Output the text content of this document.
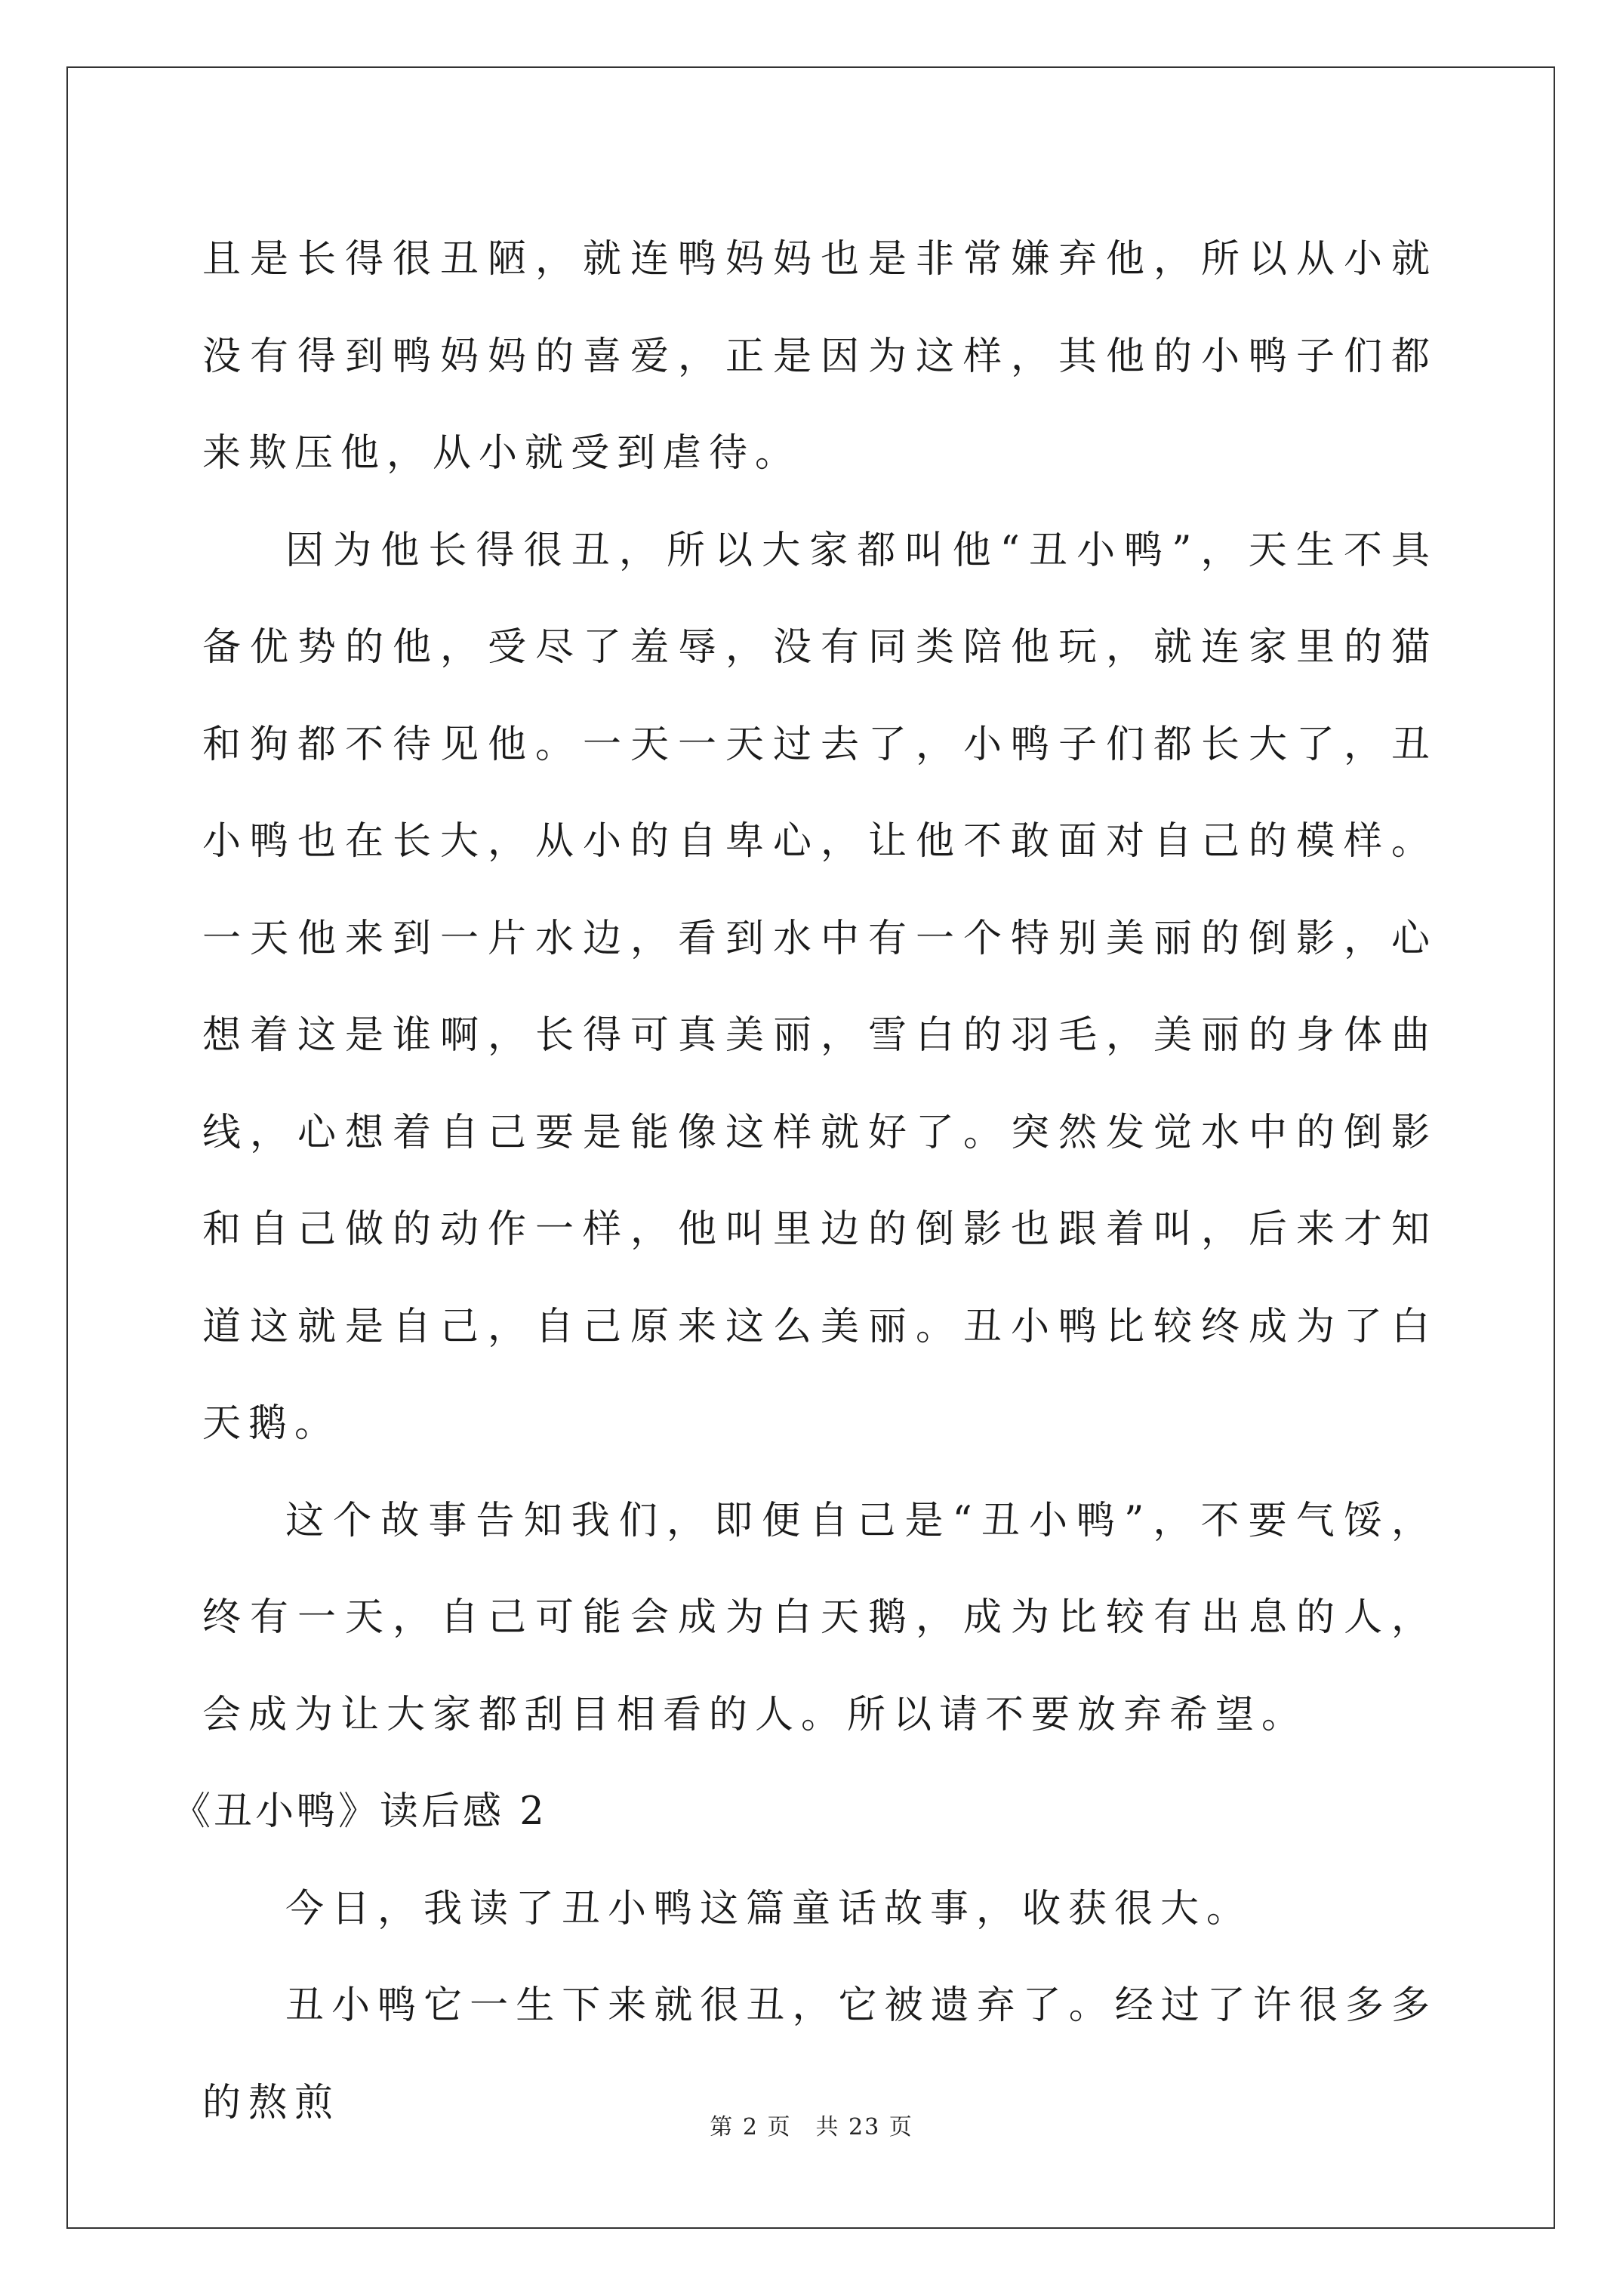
且是长得很丑陋，就连鸭妈妈也是非常嫌弃他，所以从小就没有得到鸭妈妈的喜爱，正是因为这样，其他的小鸭子们都来欺压他，从小就受到虐待。

因为他长得很丑，所以大家都叫他“丑小鸭”，天生不具备优势的他，受尽了羞辱，没有同类陪他玩，就连家里的猫和狗都不待见他。一天一天过去了，小鸭子们都长大了，丑小鸭也在长大，从小的自卑心，让他不敢面对自己的模样。一天他来到一片水边，看到水中有一个特别美丽的倒影，心想着这是谁啊，长得可真美丽，雪白的羽毛，美丽的身体曲线，心想着自己要是能像这样就好了。突然发觉水中的倒影和自己做的动作一样，他叫里边的倒影也跟着叫，后来才知道这就是自己，自己原来这么美丽。丑小鸭比较终成为了白天鹅。

这个故事告知我们，即便自己是“丑小鸭”，不要气馁，终有一天，自己可能会成为白天鹅，成为比较有出息的人，会成为让大家都刮目相看的人。所以请不要放弃希望。

《丑小鸭》读后感 2

今日，我读了丑小鸭这篇童话故事，收获很大。

丑小鸭它一生下来就很丑，它被遗弃了。经过了许很多多的熬煎

第 2 页　共 23 页
